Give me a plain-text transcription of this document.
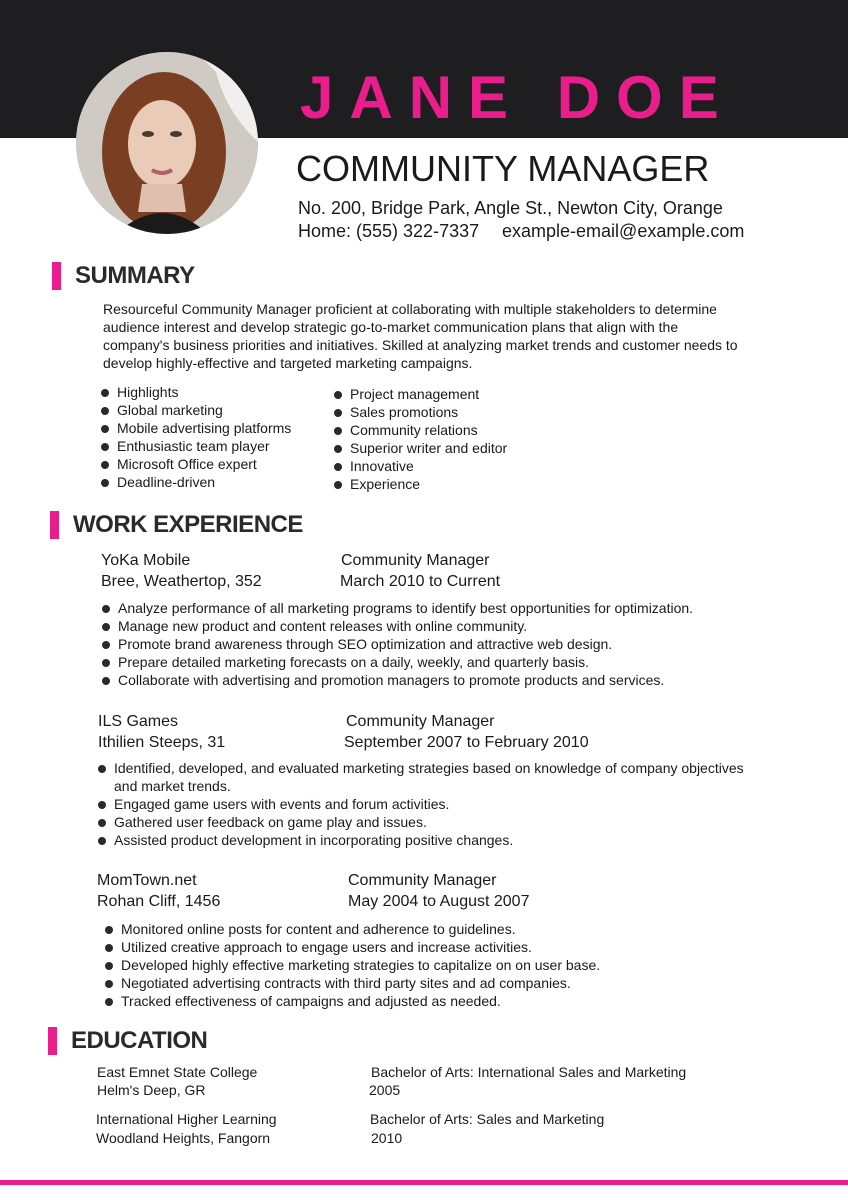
JANE DOE
COMMUNITY MANAGER
No. 200, Bridge Park, Angle St., Newton City, Orange
Home: (555) 322-7337 example-email@example.com
SUMMARY

Resourceful Community Manager proficient at collaborating with multiple stakeholders to determine audience interest and develop strategic go-to-market communication plans that align with the company's business priorities and initiatives. Skilled at analyzing market trends and customer needs to develop highly-effective and targeted marketing campaigns.

Highlights
Global marketing
Mobile advertising platforms
Enthusiastic team player
Microsoft Office expert
Deadline-driven
Project management
Sales promotions
Community relations
Superior writer and editor
Innovative
Experience
WORK EXPERIENCE
YoKa Mobile	Community Manager
Bree, Weathertop, 352	March 2010 to Current
Analyze performance of all marketing programs to identify best opportunities for optimization.
Manage new product and content releases with online community.
Promote brand awareness through SEO optimization and attractive web design.
Prepare detailed marketing forecasts on a daily, weekly, and quarterly basis.
Collaborate with advertising and promotion managers to promote products and services.
ILS Games	Community Manager
Ithilien Steeps, 31	September 2007 to February 2010
Identified, developed, and evaluated marketing strategies based on knowledge of company objectives and market trends.
Engaged game users with events and forum activities.
Gathered user feedback on game play and issues.
Assisted product development in incorporating positive changes.
MomTown.net	Community Manager
Rohan Cliff, 1456	May 2004 to August 2007
Monitored online posts for content and adherence to guidelines.
Utilized creative approach to engage users and increase activities.
Developed highly effective marketing strategies to capitalize on on user base.
Negotiated advertising contracts with third party sites and ad companies.
Tracked effectiveness of campaigns and adjusted as needed.
EDUCATION
East Emnet State College	Bachelor of Arts: International Sales and Marketing
Helm's Deep, GR	2005
International Higher Learning	Bachelor of Arts: Sales and Marketing
Woodland Heights, Fangorn	2010
